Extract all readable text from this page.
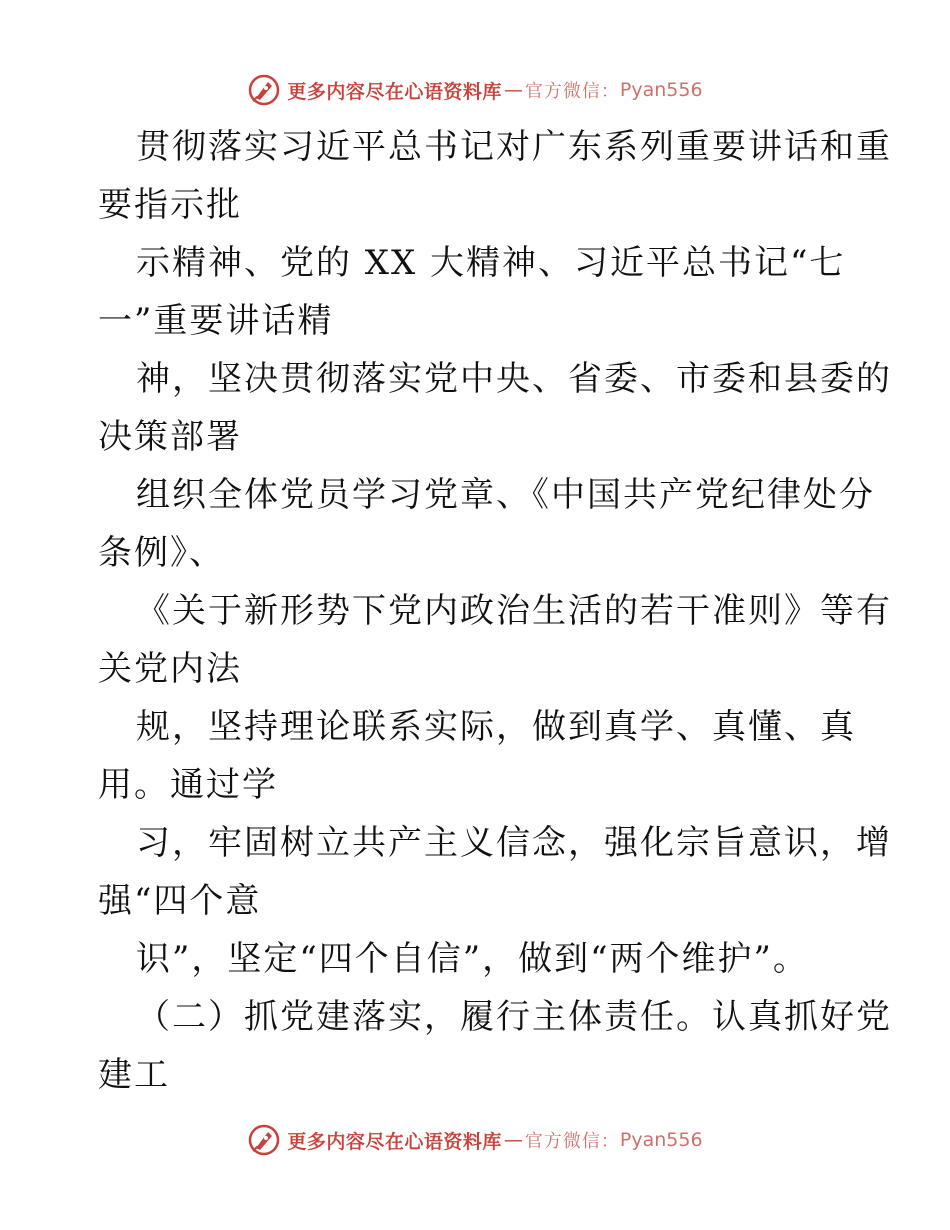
更多内容尽在心语资料库 — 官方微信： Pyan556
贯彻落实习近平总书记对广东系列重要讲话和重
要指示批
示精神、党的 XX 大精神、习近平总书记“七
一”重要讲话精
神，坚决贯彻落实党中央、省委、市委和县委的
决策部署
组织全体党员学习党章、《中国共产党纪律处分
条例》、
《关于新形势下党内政治生活的若干准则》等有
关党内法
规，坚持理论联系实际，做到真学、真懂、真
用。通过学
习，牢固树立共产主义信念，强化宗旨意识，增
强“四个意
识”，坚定“四个自信”，做到“两个维护”。
（二）抓党建落实，履行主体责任。认真抓好党
建工
更多内容尽在心语资料库 — 官方微信： Pyan556
